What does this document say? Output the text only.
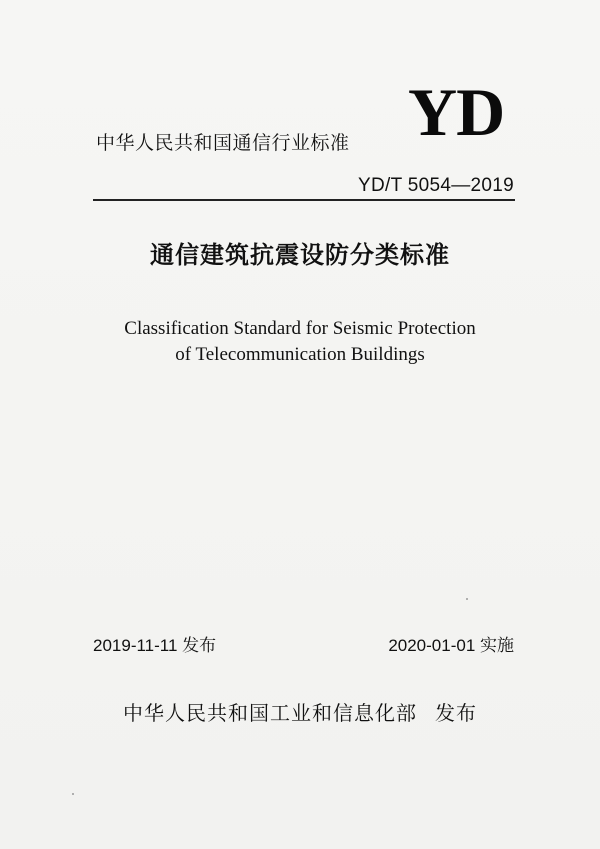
YD
中华人民共和国通信行业标准
YD/T 5054—2019
通信建筑抗震设防分类标准
Classification Standard for Seismic Protection
of Telecommunication Buildings
2019-11-11 发布	2020-01-01 实施
中华人民共和国工业和信息化部 发布
